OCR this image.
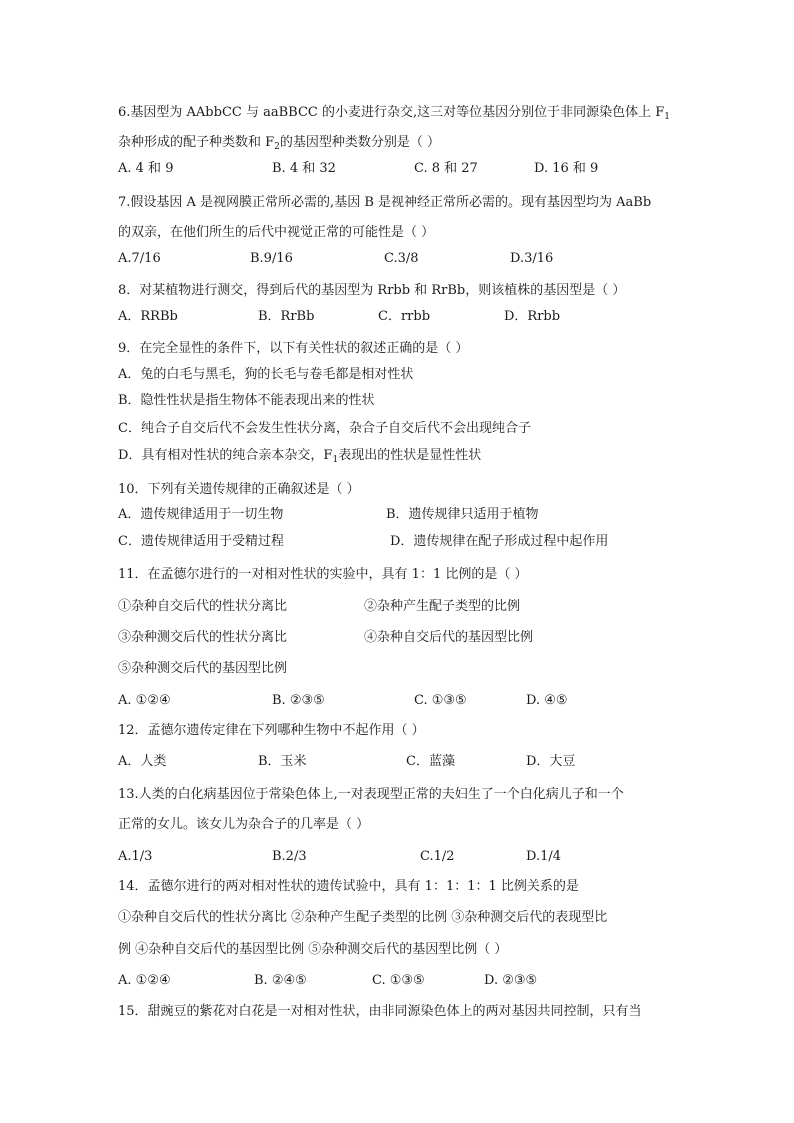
6.基因型为 AAbbCC 与 aaBBCC 的小麦进行杂交,这三对等位基因分别位于非同源染色体上 $F_1$
杂种形成的配子种类数和 $F_2$的基因型种类数分别是（ ）
A. 4 和 9	B. 4 和 32	C. 8 和 27	D. 16 和 9
7.假设基因 A 是视网膜正常所必需的,基因 B 是视神经正常所必需的。现有基因型均为 AaBb
的双亲，在他们所生的后代中视觉正常的可能性是（ ）
A.7/16	B.9/16	C.3/8	D.3/16
8．对某植物进行测交，得到后代的基因型为 Rrbb 和 RrBb，则该植株的基因型是（ ）
A．RRBb	B．RrBb	C．rrbb	D．Rrbb
9．在完全显性的条件下，以下有关性状的叙述正确的是（ ）
A．兔的白毛与黑毛，狗的长毛与卷毛都是相对性状
B．隐性性状是指生物体不能表现出来的性状
C．纯合子自交后代不会发生性状分离，杂合子自交后代不会出现纯合子
D．具有相对性状的纯合亲本杂交，$F_1$表现出的性状是显性性状
10．下列有关遗传规律的正确叙述是（ ）
A．遗传规律适用于一切生物	B．遗传规律只适用于植物
C．遗传规律适用于受精过程	D．遗传规律在配子形成过程中起作用
11．在孟德尔进行的一对相对性状的实验中，具有 1：1 比例的是（ ）
①杂种自交后代的性状分离比	②杂种产生配子类型的比例
③杂种测交后代的性状分离比	④杂种自交后代的基因型比例
⑤杂种测交后代的基因型比例
A. ①②④	B. ②③⑤	C. ①③⑤	D. ④⑤
12．孟德尔遗传定律在下列哪种生物中不起作用（ ）
A．人类	B．玉米	C．蓝藻	D．大豆
13.人类的白化病基因位于常染色体上,一对表现型正常的夫妇生了一个白化病儿子和一个
正常的女儿。该女儿为杂合子的几率是（ ）
A.1/3	B.2/3	C.1/2	D.1/4
14．孟德尔进行的两对相对性状的遗传试验中，具有 1：1：1：1 比例关系的是
①杂种自交后代的性状分离比 ②杂种产生配子类型的比例 ③杂种测交后代的表现型比
例 ④杂种自交后代的基因型比例 ⑤杂种测交后代的基因型比例（ ）
A. ①②④	B. ②④⑤	C. ①③⑤	D. ②③⑤
15．甜豌豆的紫花对白花是一对相对性状，由非同源染色体上的两对基因共同控制，只有当
